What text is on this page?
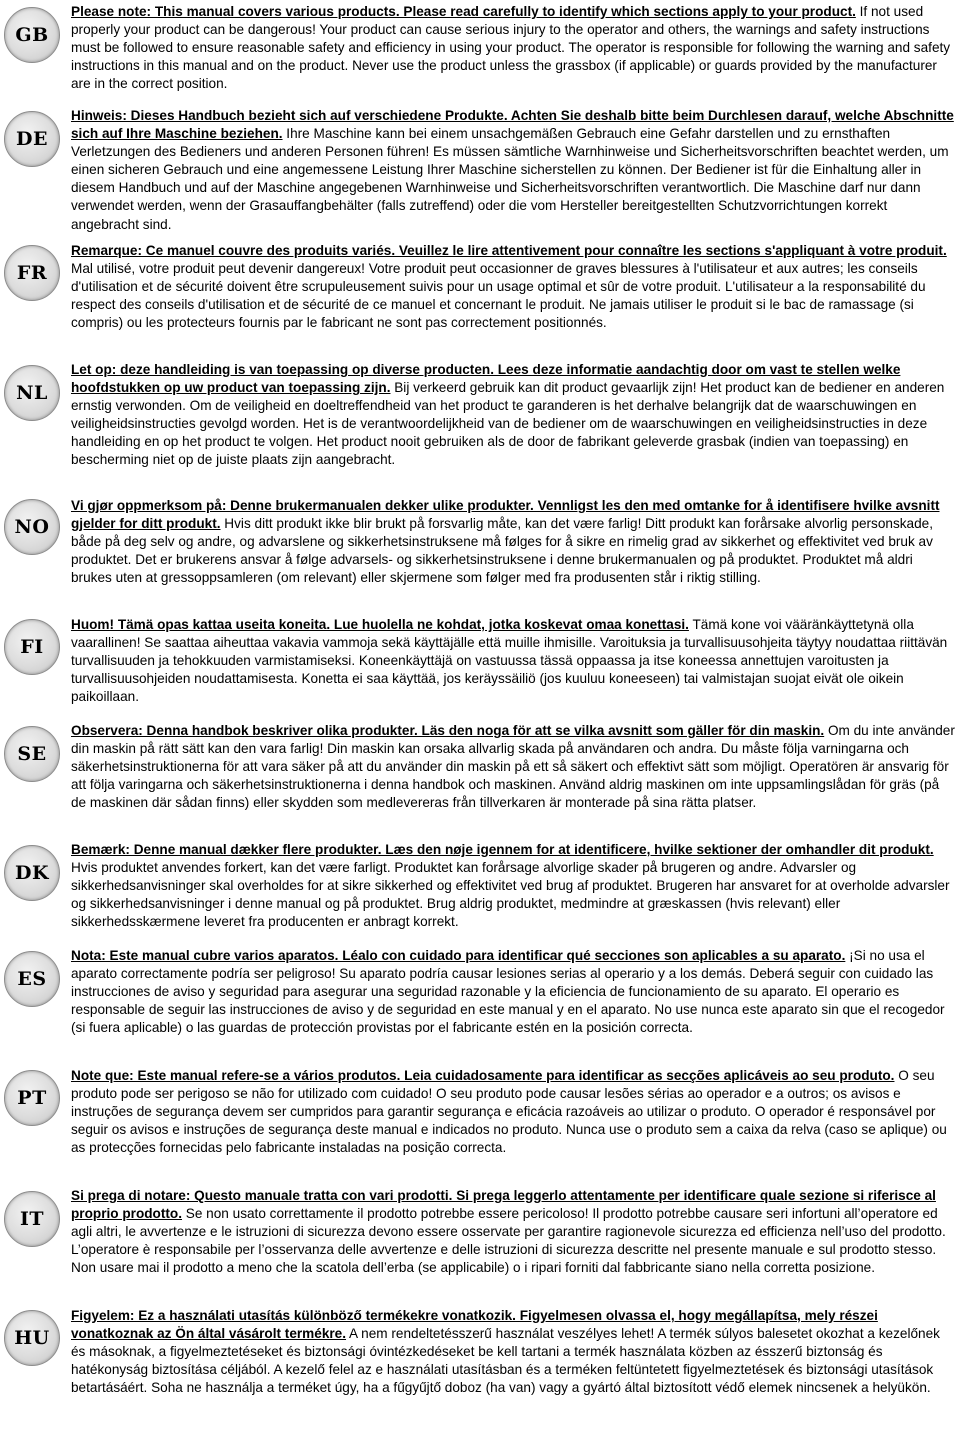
GB
Please note: This manual covers various products. Please read carefully to identify which sections apply to your product. If not used properly your product can be dangerous! Your product can cause serious injury to the operator and others, the warnings and safety instructions must be followed to ensure reasonable safety and efficiency in using your product. The operator is responsible for following the warning and safety instructions in this manual and on the product. Never use the product unless the grassbox (if applicable) or guards provided by the manufacturer are in the correct position.
DE
Hinweis: Dieses Handbuch bezieht sich auf verschiedene Produkte. Achten Sie deshalb bitte beim Durchlesen darauf, welche Abschnitte sich auf Ihre Maschine beziehen. Ihre Maschine kann bei einem unsachgemäßen Gebrauch eine Gefahr darstellen und zu ernsthaften Verletzungen des Bedieners und anderen Personen führen! Es müssen sämtliche Warnhinweise und Sicherheitsvorschriften beachtet werden, um einen sicheren Gebrauch und eine angemessene Leistung Ihrer Maschine sicherstellen zu können. Der Bediener ist für die Einhaltung aller in diesem Handbuch und auf der Maschine angegebenen Warnhinweise und Sicherheitsvorschriften verantwortlich. Die Maschine darf nur dann verwendet werden, wenn der Grasauffangbehälter (falls zutreffend) oder die vom Hersteller bereitgestellten Schutzvorrichtungen korrekt angebracht sind.
FR
Remarque: Ce manuel couvre des produits variés. Veuillez le lire attentivement pour connaître les sections s'appliquant à votre produit. Mal utilisé, votre produit peut devenir dangereux! Votre produit peut occasionner de graves blessures à l'utilisateur et aux autres; les conseils d'utilisation et de sécurité doivent être scrupuleusement suivis pour un usage optimal et sûr de votre produit. L'utilisateur a la responsabilité du respect des conseils d'utilisation et de sécurité de ce manuel et concernant le produit. Ne jamais utiliser le produit si le bac de ramassage (si compris) ou les protecteurs fournis par le fabricant ne sont pas correctement positionnés.
NL
Let op: deze handleiding is van toepassing op diverse producten. Lees deze informatie aandachtig door om vast te stellen welke hoofdstukken op uw product van toepassing zijn. Bij verkeerd gebruik kan dit product gevaarlijk zijn! Het product kan de bediener en anderen ernstig verwonden. Om de veiligheid en doeltreffendheid van het product te garanderen is het derhalve belangrijk dat de waarschuwingen en veiligheidsinstructies gevolgd worden. Het is de verantwoordelijkheid van de bediener om de waarschuwingen en veiligheidsinstructies in deze handleiding en op het product te volgen. Het product nooit gebruiken als de door de fabrikant geleverde grasbak (indien van toepassing) en bescherming niet op de juiste plaats zijn aangebracht.
NO
Vi gjør oppmerksom på: Denne brukermanualen dekker ulike produkter. Vennligst les den med omtanke for å identifisere hvilke avsnitt gjelder for ditt produkt. Hvis ditt produkt ikke blir brukt på forsvarlig måte, kan det være farlig! Ditt produkt kan forårsake alvorlig personskade, både på deg selv og andre, og advarslene og sikkerhetsinstruksene må følges for å sikre en rimelig grad av sikkerhet og effektivitet ved bruk av produktet. Det er brukerens ansvar å følge advarsels- og sikkerhetsinstruksene i denne brukermanualen og på produktet. Produktet må aldri brukes uten at gressoppsamleren (om relevant) eller skjermene som følger med fra produsenten står i riktig stilling.
FI
Huom! Tämä opas kattaa useita koneita. Lue huolella ne kohdat, jotka koskevat omaa konettasi. Tämä kone voi vääränkäyttetynä olla vaarallinen! Se saattaa aiheuttaa vakavia vammoja sekä käyttäjälle että muille ihmisille. Varoituksia ja turvallisuusohjeita täytyy noudattaa riittävän turvallisuuden ja tehokkuuden varmistamiseksi. Koneenkäyttäjä on vastuussa tässä oppaassa ja itse koneessa annettujen varoitusten ja turvallisuusohjeiden noudattamisesta. Konetta ei saa käyttää, jos keräyssäiliö (jos kuuluu koneeseen) tai valmistajan suojat eivät ole oikein paikoillaan.
SE
Observera: Denna handbok beskriver olika produkter. Läs den noga för att se vilka avsnitt som gäller för din maskin. Om du inte använder din maskin på rätt sätt kan den vara farlig! Din maskin kan orsaka allvarlig skada på användaren och andra. Du måste följa varningarna och säkerhetsinstruktionerna för att vara säker på att du använder din maskin på ett så säkert och effektivt sätt som möjligt. Operatören är ansvarig för att följa varingarna och säkerhetsinstruktionerna i denna handbok och maskinen. Använd aldrig maskinen om inte uppsamlingslådan för gräs (på de maskinen där sådan finns) eller skydden som medlevereras från tillverkaren är monterade på sina rätta platser.
DK
Bemærk: Denne manual dækker flere produkter. Læs den nøje igennem for at identificere, hvilke sektioner der omhandler dit produkt. Hvis produktet anvendes forkert, kan det være farligt. Produktet kan forårsage alvorlige skader på brugeren og andre. Advarsler og sikkerhedsanvisninger skal overholdes for at sikre sikkerhed og effektivitet ved brug af produktet. Brugeren har ansvaret for at overholde advarsler og sikkerhedsanvisninger i denne manual og på produktet. Brug aldrig produktet, medmindre at græskassen (hvis relevant) eller sikkerhedsskærmene leveret fra producenten er anbragt korrekt.
ES
Nota: Este manual cubre varios aparatos. Léalo con cuidado para identificar qué secciones son aplicables a su aparato. ¡Si no usa el aparato correctamente podría ser peligroso! Su aparato podría causar lesiones serias al operario y a los demás. Deberá seguir con cuidado las instrucciones de aviso y seguridad para asegurar una seguridad razonable y la eficiencia de funcionamiento de su aparato. El operario es responsable de seguir las instrucciones de aviso y de seguridad en este manual y en el aparato. No use nunca este aparato sin que el recogedor (si fuera aplicable) o las guardas de protección provistas por el fabricante estén en la posición correcta.
PT
Note que: Este manual refere-se a vários produtos. Leia cuidadosamente para identificar as secções aplicáveis ao seu produto. O seu produto pode ser perigoso se não for utilizado com cuidado! O seu produto pode causar lesões sérias ao operador e a outros; os avisos e instruções de segurança devem ser cumpridos para garantir segurança e eficácia razoáveis ao utilizar o produto. O operador é responsável por seguir os avisos e instruções de segurança deste manual e indicados no produto. Nunca use o produto sem a caixa da relva (caso se aplique) ou as protecções fornecidas pelo fabricante instaladas na posição correcta.
IT
Si prega di notare: Questo manuale tratta con vari prodotti. Si prega leggerlo attentamente per identificare quale sezione si riferisce al proprio prodotto. Se non usato correttamente il prodotto potrebbe essere pericoloso! Il prodotto potrebbe causare seri infortuni all’operatore ed agli altri, le avvertenze e le istruzioni di sicurezza devono essere osservate per garantire ragionevole sicurezza ed efficienza nell’uso del prodotto. L’operatore è responsabile per l’osservanza delle avvertenze e delle istruzioni di sicurezza descritte nel presente manuale e sul prodotto stesso. Non usare mai il prodotto a meno che la scatola dell’erba (se applicabile) o i ripari forniti dal fabbricante siano nella corretta posizione.
HU
Figyelem: Ez a használati utasítás különböző termékekre vonatkozik. Figyelmesen olvassa el, hogy megállapítsa, mely részei vonatkoznak az Ön által vásárolt termékre. A nem rendeltetésszerű használat veszélyes lehet! A termék súlyos balesetet okozhat a kezelőnek és másoknak, a figyelmeztetéseket és biztonsági óvintézkedéseket be kell tartani a termék használata közben az ésszerű biztonság és hatékonyság biztosítása céljából. A kezelő felel az e használati utasításban és a terméken feltüntetett figyelmeztetések és biztonsági utasítások betartásáért. Soha ne használja a terméket úgy, ha a fűgyűjtő doboz (ha van) vagy a gyártó által biztosított védő elemek nincsenek a helyükön.
